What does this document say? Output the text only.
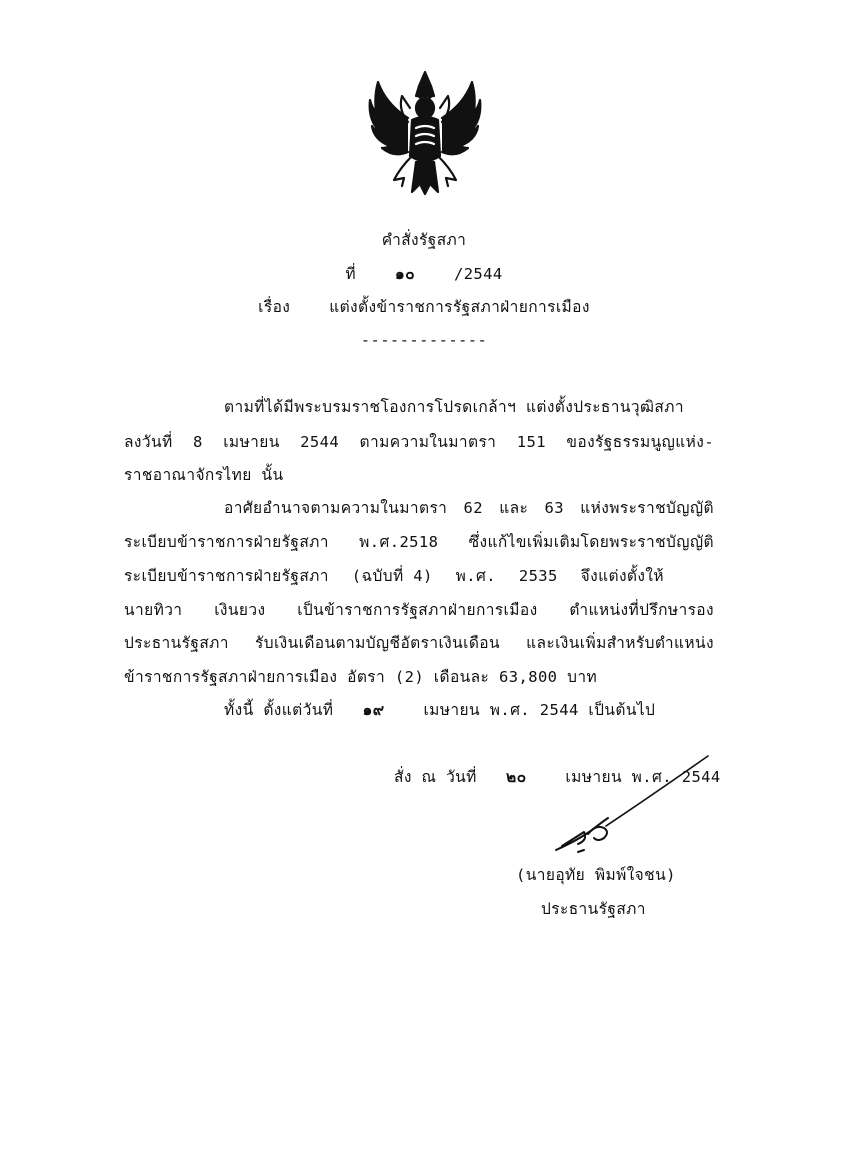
คำสั่งรัฐสภา
ที่	๑๐	/2544
เรื่อง	แต่งตั้งข้าราชการรัฐสภาฝ่ายการเมือง
-------------
ตามที่ได้มีพระบรมราชโองการโปรดเกล้าฯ แต่งตั้งประธานวุฒิสภา
ลงวันที่ 8 เมษายน 2544 ตามความในมาตรา 151 ของรัฐธรรมนูญแห่ง-
ราชอาณาจักรไทย นั้น
อาศัยอำนาจตามความในมาตรา 62 และ 63 แห่งพระราชบัญญัติ
ระเบียบข้าราชการฝ่ายรัฐสภา พ.ศ.2518 ซึ่งแก้ไขเพิ่มเติมโดยพระราชบัญญัติ
ระเบียบข้าราชการฝ่ายรัฐสภา (ฉบับที่ 4) พ.ศ. 2535 จึงแต่งตั้งให้
นายทิวา เงินยวง เป็นข้าราชการรัฐสภาฝ่ายการเมือง ตำแหน่งที่ปรึกษารอง
ประธานรัฐสภา รับเงินเดือนตามบัญชีอัตราเงินเดือน และเงินเพิ่มสำหรับตำแหน่ง
ข้าราชการรัฐสภาฝ่ายการเมือง อัตรา (2) เดือนละ 63,800 บาท
ทั้งนี้ ตั้งแต่วันที่ ๑๙	เมษายน พ.ศ. 2544 เป็นต้นไป
สั่ง ณ วันที่ ๒๐	เมษายน พ.ศ. 2544
(นายอุทัย พิมพ์ใจชน)
ประธานรัฐสภา
